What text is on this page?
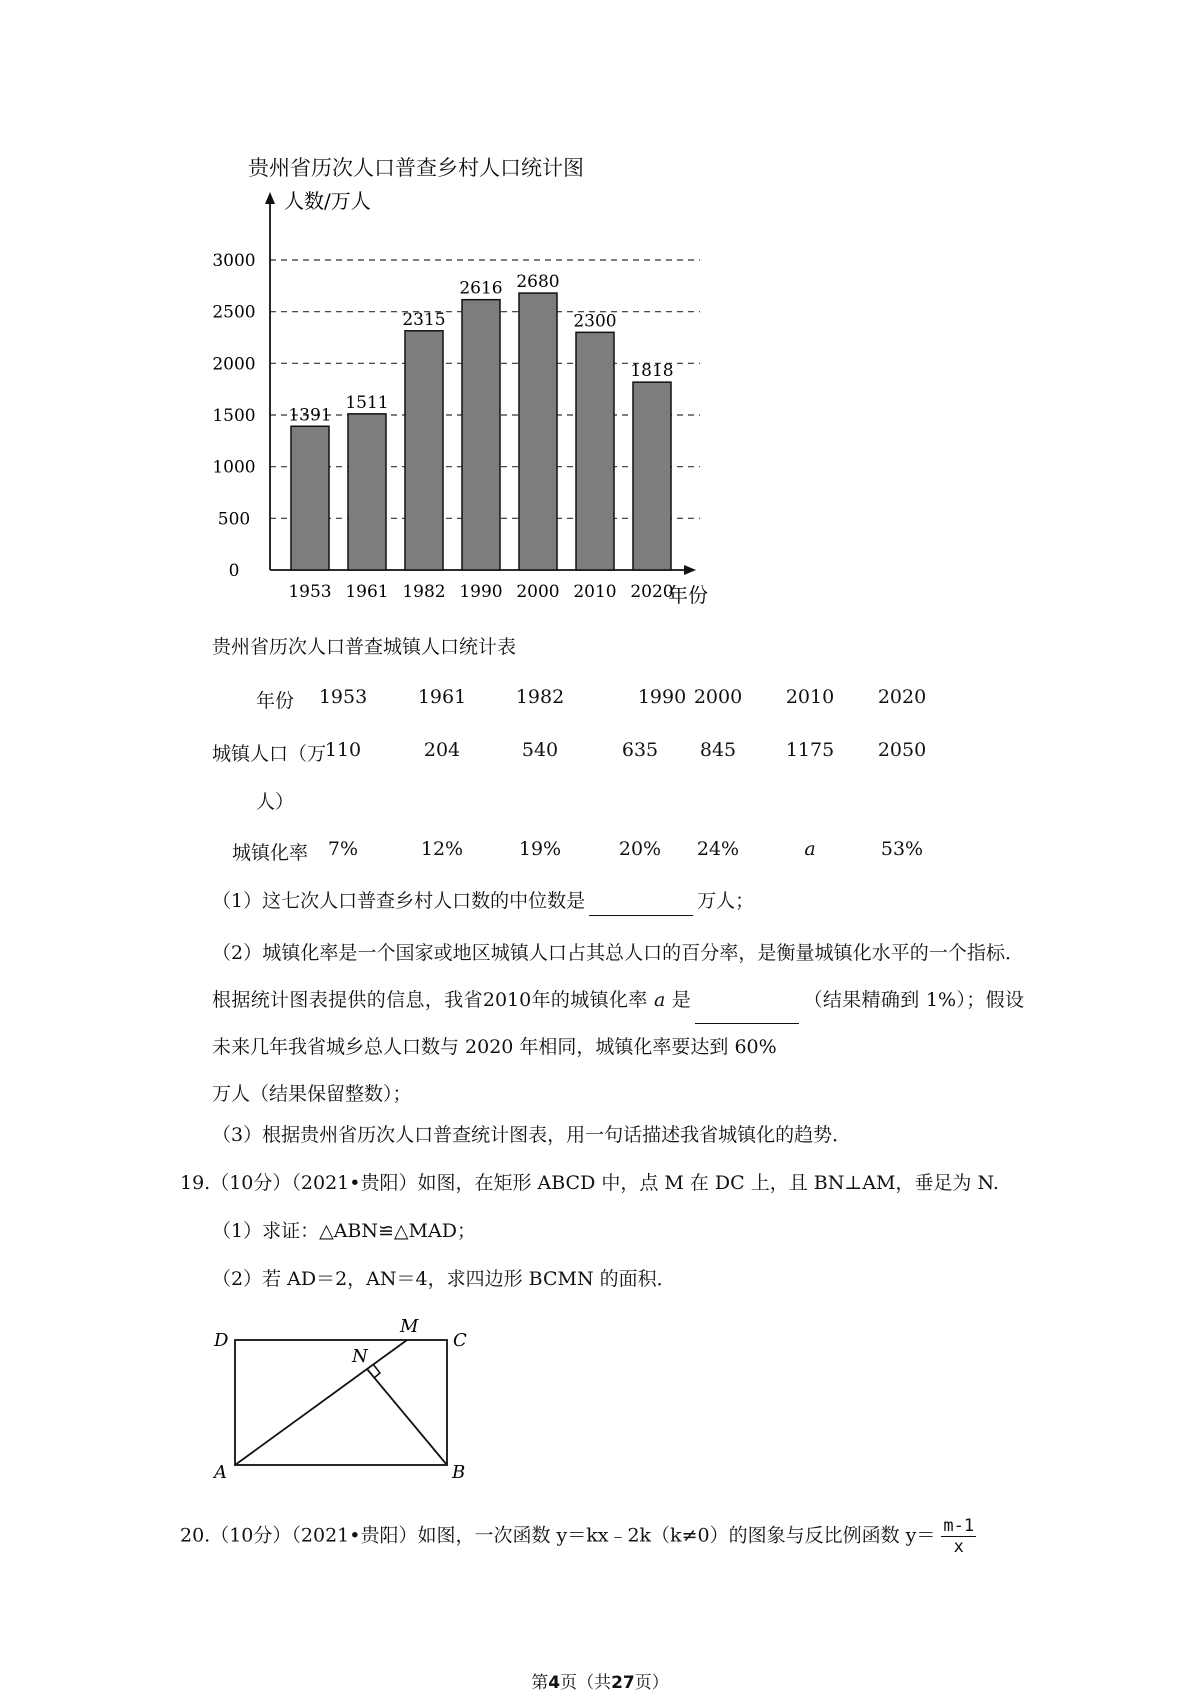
贵州省历次人口普查乡村人口统计图
0
500
1000
1500
2000
2500
3000
人数/万人
年份
1391
1953
1511
1961
2315
1982
2616
1990
2680
2000
2300
2010
1818
2020
贵州省历次人口普查城镇人口统计表
年份	1953	1961	1982	1990 2000	2010	2020
城镇人口（万
人）
110	204	540	635	845	1175	2050
城镇化率	7%	12%	19%	20%	24%	a	53%
（1）这七次人口普查乡村人口数的中位数是	万人；
（2）城镇化率是一个国家或地区城镇人口占其总人口的百分率，是衡量城镇化水平的一个指标．根据统计图表提供的信息，我省2010年的城镇化率 a 是	（结果精确到 1%）；假设未来几年我省城乡总人口数与 2020 年相同，城镇化率要达到 60%
万人（结果保留整数）；
（3）根据贵州省历次人口普查统计图表，用一句话描述我省城镇化的趋势．
19.（10分）（2021•贵阳）如图，在矩形 ABCD 中，点 M 在 DC 上，且 BN⊥AM，垂足为 N.
（1）求证：△ABN≌△MAD；
（2）若 AD＝2，AN＝4，求四边形 BCMN 的面积．
D
M
C
N
A	B
20.（10分）（2021•贵阳）如图，一次函数 y＝kx﹣2k（k≠0）的图象与反比例函数 $y= \frac{m-1}{x}$
第4页（共27页）
